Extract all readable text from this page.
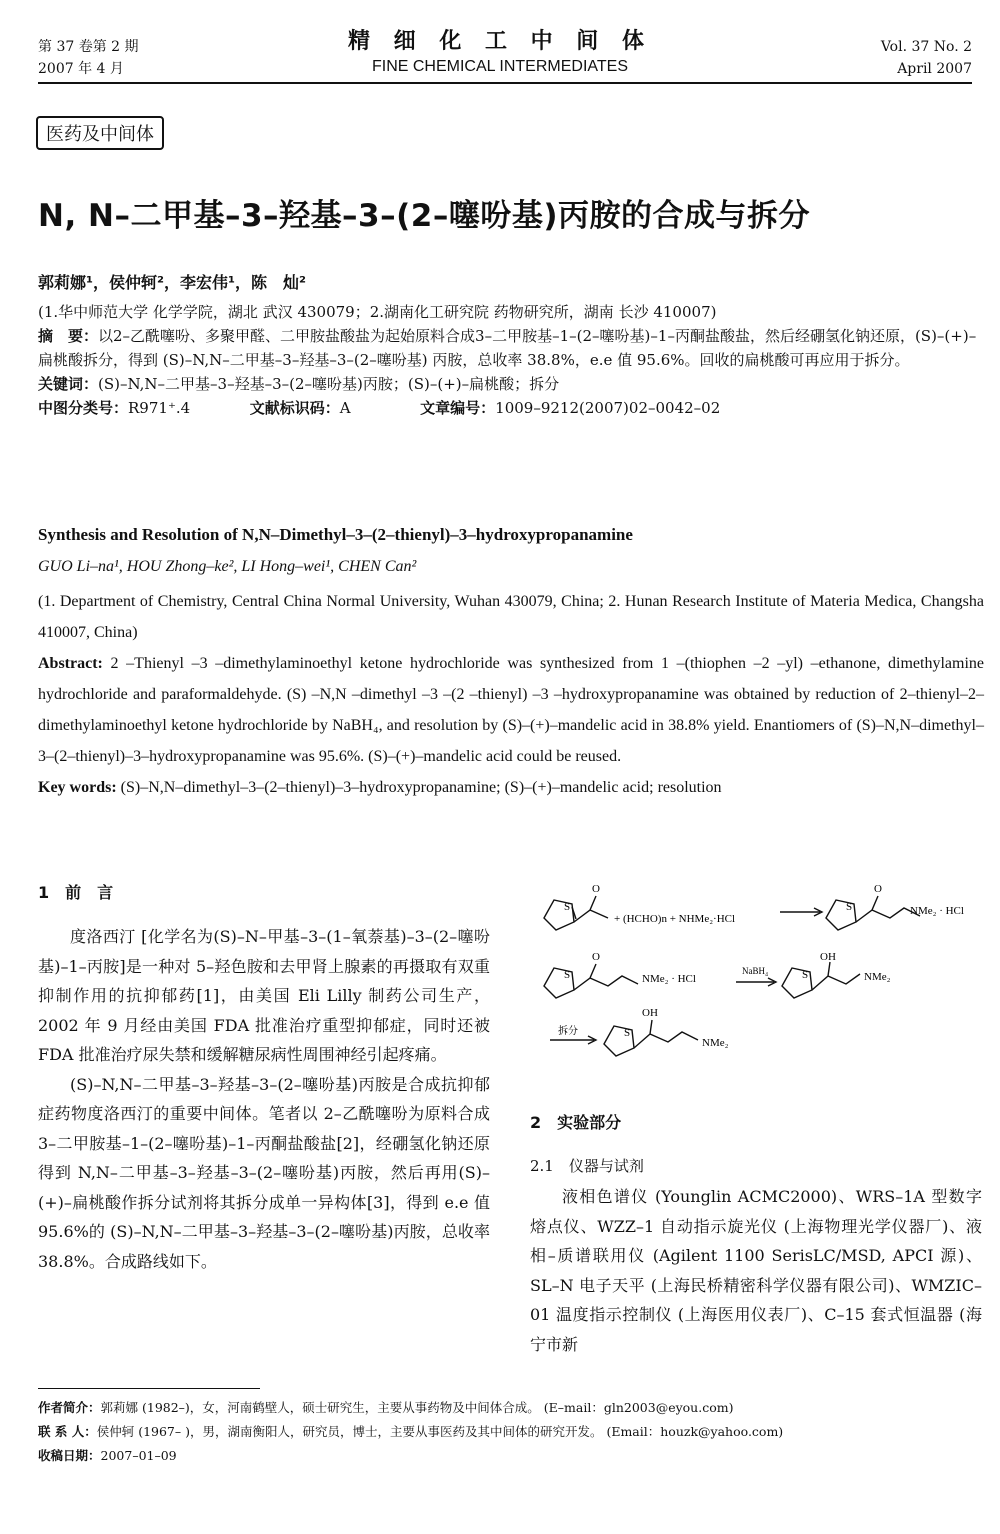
第 37 卷第 2 期
2007 年 4 月
精 细 化 工 中 间 体
FINE CHEMICAL INTERMEDIATES
Vol. 37 No. 2
April 2007
医药及中间体
N, N–二甲基–3–羟基–3–(2–噻吩基)丙胺的合成与拆分
郭莉娜¹，侯仲轲²，李宏伟¹，陈　灿²
(1.华中师范大学 化学学院，湖北 武汉 430079；2.湖南化工研究院 药物研究所，湖南 长沙 410007)
摘　要：以2–乙酰噻吩、多聚甲醛、二甲胺盐酸盐为起始原料合成3–二甲胺基–1–(2–噻吩基)–1–丙酮盐酸盐，然后经硼氢化钠还原，(S)–(+)–扁桃酸拆分，得到 (S)–N,N–二甲基–3–羟基–3–(2–噻吩基) 丙胺，总收率 38.8%，e.e 值 95.6%。回收的扁桃酸可再应用于拆分。
关键词：(S)–N,N–二甲基–3–羟基–3–(2–噻吩基)丙胺；(S)–(+)–扁桃酸；拆分
中图分类号：R971⁺.4	文献标识码：A	文章编号：1009–9212(2007)02–0042–02
Synthesis and Resolution of N,N–Dimethyl–3–(2–thienyl)–3–hydroxypropanamine
GUO Li–na¹, HOU Zhong–ke², LI Hong–wei¹, CHEN Can²
(1. Department of Chemistry, Central China Normal University, Wuhan 430079, China; 2. Hunan Research Institute of Materia Medica, Changsha 410007, China)
Abstract: 2 –Thienyl –3 –dimethylaminoethyl ketone hydrochloride was synthesized from 1 –(thiophen –2 –yl) –ethanone, dimethylamine hydrochloride and paraformaldehyde. (S) –N,N –dimethyl –3 –(2 –thienyl) –3 –hydroxypropanamine was obtained by reduction of 2–thienyl–2–dimethylaminoethyl ketone hydrochloride by NaBH₄, and resolution by (S)–(+)–mandelic acid in 38.8% yield. Enantiomers of (S)–N,N–dimethyl–3–(2–thienyl)–3–hydroxypropanamine was 95.6%. (S)–(+)–mandelic acid could be reused.
Key words: (S)–N,N–dimethyl–3–(2–thienyl)–3–hydroxypropanamine; (S)–(+)–mandelic acid; resolution
1　前　言

度洛西汀 [化学名为(S)–N–甲基–3–(1–氧萘基)–3–(2–噻吩基)–1–丙胺]是一种对 5–羟色胺和去甲肾上腺素的再摄取有双重抑制作用的抗抑郁药[1]，由美国 Eli Lilly 制药公司生产，2002 年 9 月经由美国 FDA 批准治疗重型抑郁症，同时还被 FDA 批准治疗尿失禁和缓解糖尿病性周围神经引起疼痛。

(S)–N,N–二甲基–3–羟基–3–(2–噻吩基)丙胺是合成抗抑郁症药物度洛西汀的重要中间体。笔者以 2–乙酰噻吩为原料合成 3–二甲胺基–1–(2–噻吩基)–1–丙酮盐酸盐[2]，经硼氢化钠还原得到 N,N–二甲基–3–羟基–3–(2–噻吩基)丙胺，然后再用(S)–(+)–扁桃酸作拆分试剂将其拆分成单一异构体[3]，得到 e.e 值 95.6%的 (S)–N,N–二甲基–3–羟基–3–(2–噻吩基)丙胺，总收率 38.8%。合成路线如下。

S
O
+ (HCHO)n + NHMe₂·HCl
S
O
NMe₂ · HCl
S
O
NMe₂ · HCl
NaBH₄	S
OH
NMe₂
拆分	S
OH
NMe₂
2　实验部分
2.1　仪器与试剂

液相色谱仪 (Younglin ACMC2000)、WRS–1A 型数字熔点仪、WZZ–1 自动指示旋光仪 (上海物理光学仪器厂)、液相–质谱联用仪 (Agilent 1100 SerisLC/MSD, APCI 源)、SL–N 电子天平 (上海民桥精密科学仪器有限公司)、WMZIC–01 温度指示控制仪 (上海医用仪表厂)、C–15 套式恒温器 (海宁市新

作者简介：郭莉娜 (1982–)，女，河南鹤壁人，硕士研究生，主要从事药物及中间体合成。 (E–mail：gln2003@eyou.com)
联 系 人：侯仲轲 (1967– )，男，湖南衡阳人，研究员，博士，主要从事医药及其中间体的研究开发。 (Email：houzk@yahoo.com)
收稿日期：2007–01–09
